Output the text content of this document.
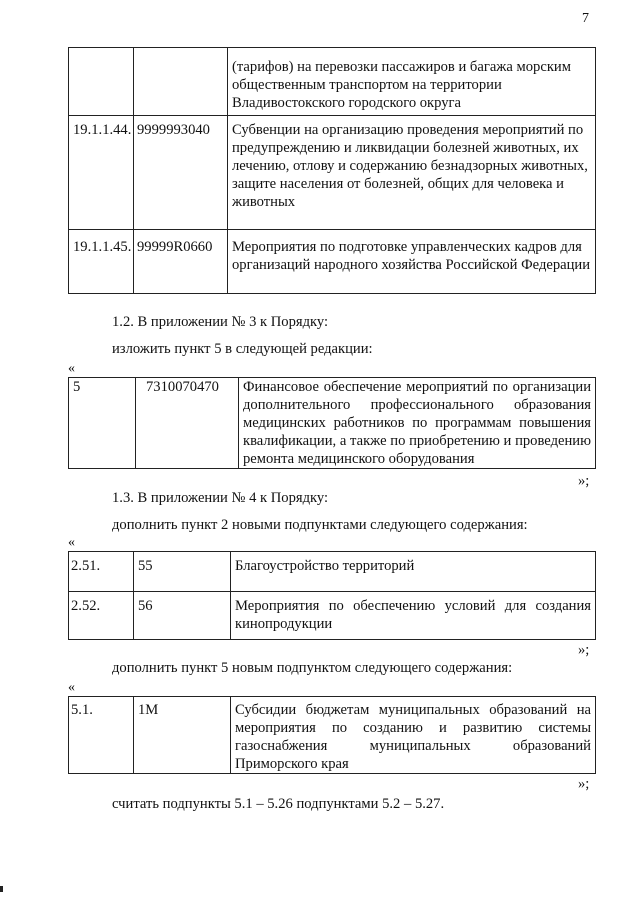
7
		(тарифов) на перевозки пассажиров и багажа морским общественным транспортом на территории Владивостокского городского округа
19.1.1.44.	9999993040	Субвенции на организацию проведения мероприятий по предупреждению и ликвидации болезней животных, их лечению, отлову и содержанию безнадзорных животных, защите населения от болезней, общих для человека и животных
19.1.1.45.	99999R0660	Мероприятия по подготовке управленческих кадров для организаций народного хозяйства Российской Федерации
1.2. В приложении № 3 к Порядку:
изложить пункт 5 в следующей редакции:
«
5	7310070470	Финансовое обеспечение мероприятий по организации дополнительного профессионального образования медицинских работников по программам повышения квалификации, а также по приобретению и проведению ремонта медицинского оборудования
»;
1.3. В приложении № 4 к Порядку:
дополнить пункт 2 новыми подпунктами следующего содержания:
«
2.51.	55	Благоустройство территорий
2.52.	56	Мероприятия по обеспечению условий для создания кинопродукции
»;
дополнить пункт 5 новым подпунктом следующего содержания:
«
5.1.	1М	Субсидии бюджетам муниципальных образований на мероприятия по созданию и развитию системы газоснабжения муниципальных образований Приморского края
»;
считать подпункты 5.1 – 5.26 подпунктами 5.2 – 5.27.
